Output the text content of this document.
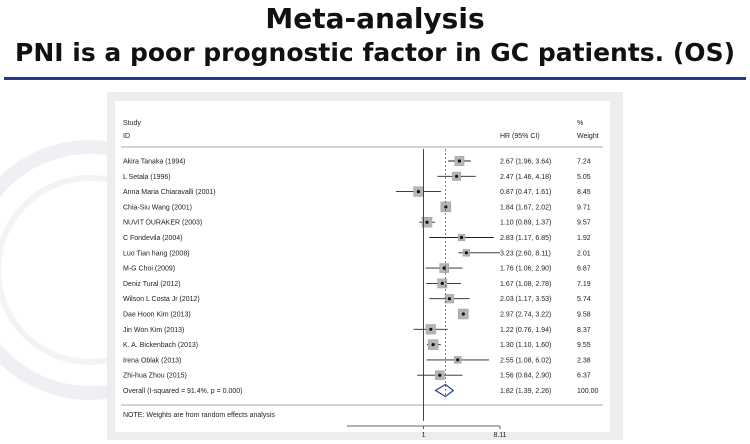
Meta-analysis
PNI is a poor prognostic factor in GC patients. (OS)
Study
ID	HR (95% CI)
%
Weight
NOTE: Weights are from random effects analysis
Akira Tanaka (1994)	2.67 (1.96, 3.64)	7.24
L Setala (1996)	2.47 (1.46, 4.18)	5.05
Anna Maria Chiaravalli (2001)	0.87 (0.47, 1.61)	8.45
Chia-Siu Wang (2001)	1.84 (1.67, 2.02)	9.71
NUVIT DURAKER (2003)	1.10 (0.89, 1.37)	9.57
C Fondevila (2004)	2.83 (1.17, 6.85)	1.92
Luo Tian hang (2008)	3.23 (2.60, 8.11)	2.01
M-G Choi (2009)	1.76 (1.06, 2.90)	6.87
Deniz Tural (2012)	1.67 (1.08, 2.78)	7.19
Wilson L Costa Jr (2012)	2.03 (1.17, 3.53)	5.74
Dae Hoon Kim (2013)	2.97 (2.74, 3.22)	9.58
Jin Won Kim (2013)	1.22 (0.76, 1.94)	8.37
K. A. Bickenbach (2013)	1.30 (1.10, 1.60)	9.55
Irena Oblak (2013)	2.55 (1.08, 6.02)	2.38
Zhi-hua Zhou (2015)	1.56 (0.84, 2.90)	6.37
Overall (I-squared = 91.4%, p = 0.000)	1.82 (1.39, 2.26)	100.00
1	8.11
